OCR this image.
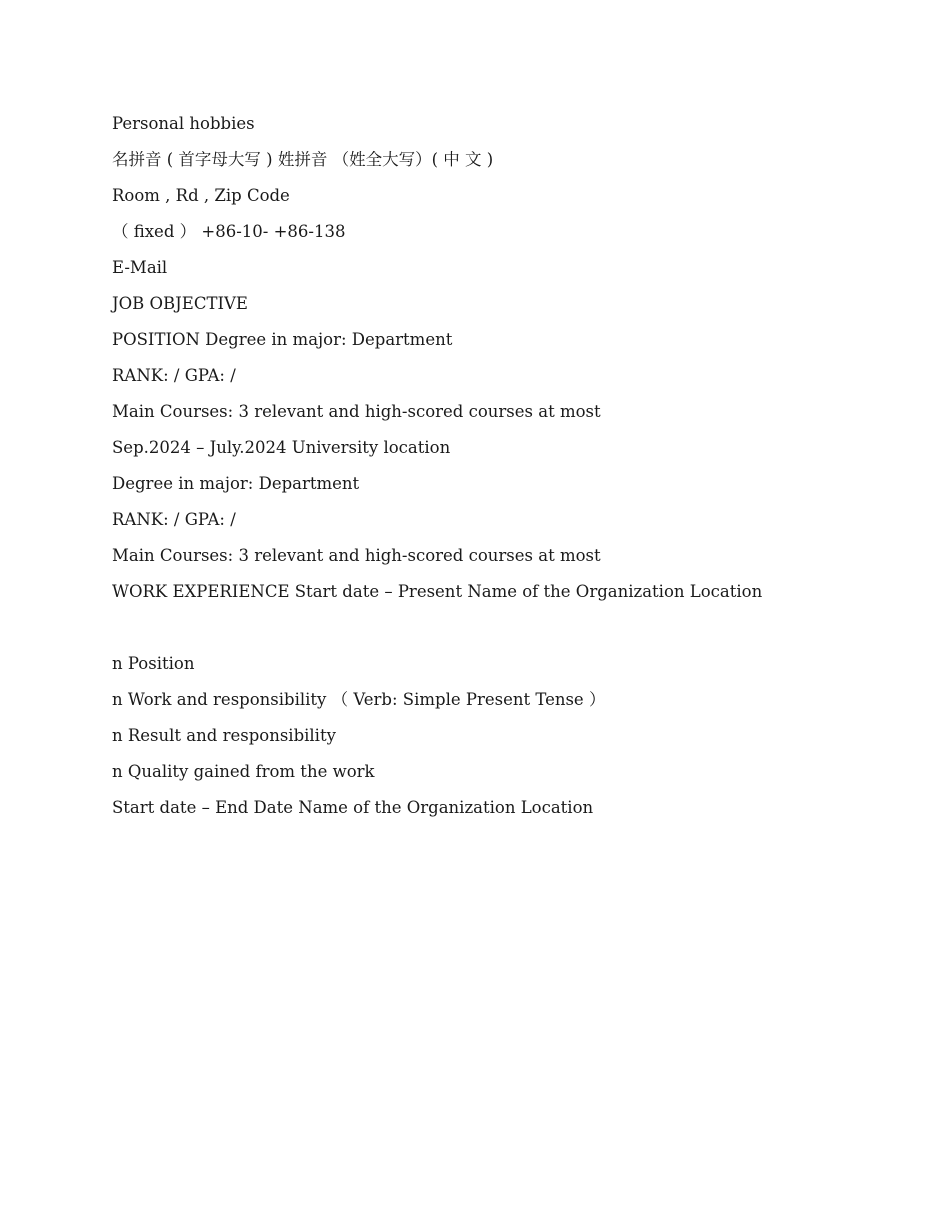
Personal hobbies
名拼音 ( 首字母大写 ) 姓拼音 （姓全大写）( 中 文 )
Room , Rd , Zip Code
（ fixed ） +86-10- +86-138
E-Mail
JOB OBJECTIVE
POSITION Degree in major: Department
RANK: / GPA: /
Main Courses: 3 relevant and high-scored courses at most
Sep.2024 – July.2024 University location
Degree in major: Department
RANK: / GPA: /
Main Courses: 3 relevant and high-scored courses at most
WORK EXPERIENCE Start date – Present Name of the Organization Location
n Position
n Work and responsibility （ Verb: Simple Present Tense ）
n Result and responsibility
n Quality gained from the work
Start date – End Date Name of the Organization Location
